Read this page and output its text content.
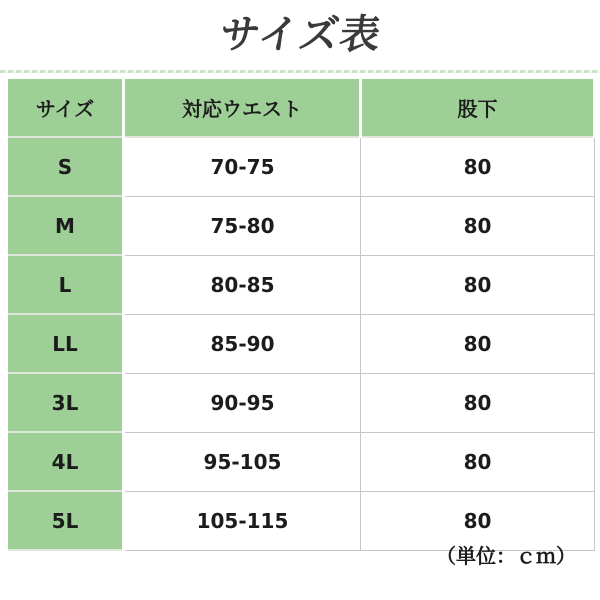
サイズ表
サイズ	対応ウエスト	股下
S	70-75	80
M	75-80	80
L	80-85	80
LL	85-90	80
3L	90-95	80
4L	95-105	80
5L	105-115	80
（単位：ｃｍ）
